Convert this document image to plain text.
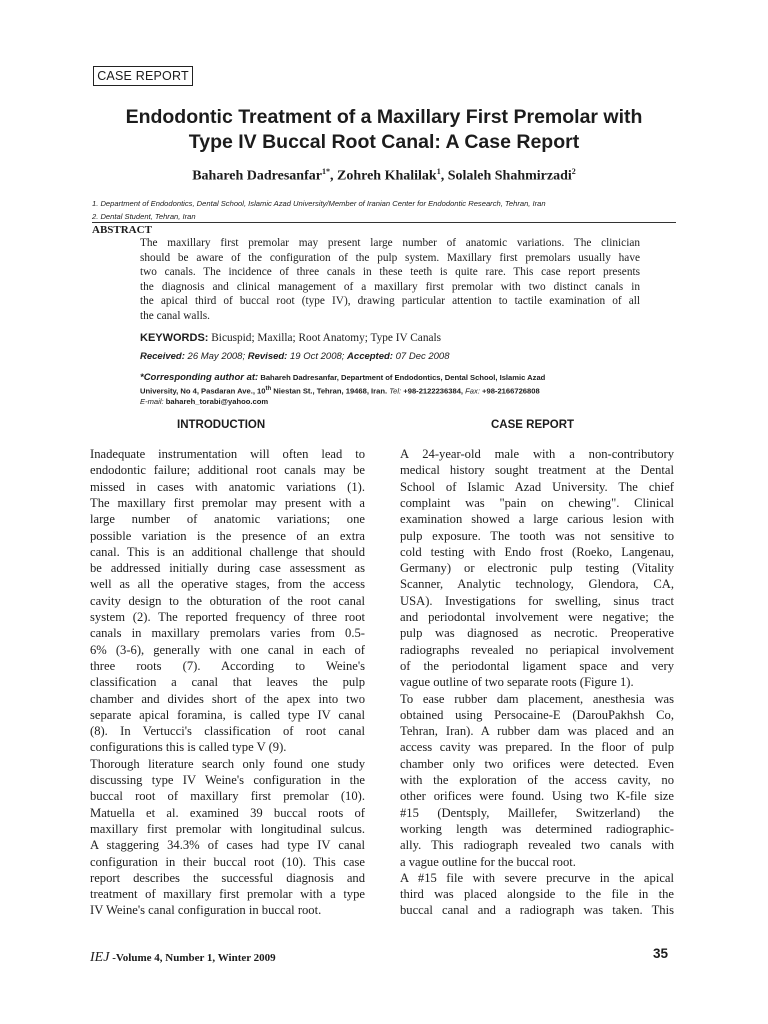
CASE REPORT
Endodontic Treatment of a Maxillary First Premolar with
Type IV Buccal Root Canal: A Case Report
Bahareh Dadresanfar$^{1*}$, Zohreh Khalilak$^1$, Solaleh Shahmirzadi$^2$
1. Department of Endodontics, Dental School, Islamic Azad University/Member of Iranian Center for Endodontic Research, Tehran, Iran
2. Dental Student, Tehran, Iran
ABSTRACT
The maxillary first premolar may present large number of anatomic variations. The clinician
should be aware of the configuration of the pulp system. Maxillary first premolars usually have
two canals. The incidence of three canals in these teeth is quite rare. This case report presents
the diagnosis and clinical management of a maxillary first premolar with two distinct canals in
the apical third of buccal root (type IV), drawing particular attention to tactile examination of all
the canal walls.
KEYWORDS: Bicuspid; Maxilla; Root Anatomy; Type IV Canals
Received: 26 May 2008; Revised: 19 Oct 2008; Accepted: 07 Dec 2008
*Corresponding author at: Bahareh Dadresanfar, Department of Endodontics, Dental School, Islamic Azad
University, No 4, Pasdaran Ave., 10th Niestan St., Tehran, 19468, Iran. Tel: +98-2122236384, Fax: +98-2166726808
E-mail: bahareh_torabi@yahoo.com
INTRODUCTION	CASE REPORT
Inadequate instrumentation will often lead to
endodontic failure; additional root canals may be
missed in cases with anatomic variations (1).
The maxillary first premolar may present with a
large number of anatomic variations; one
possible variation is the presence of an extra
canal. This is an additional challenge that should
be addressed initially during case assessment as
well as all the operative stages, from the access
cavity design to the obturation of the root canal
system (2). The reported frequency of three root
canals in maxillary premolars varies from 0.5-
6% (3-6), generally with one canal in each of
three roots (7). According to Weine's
classification a canal that leaves the pulp
chamber and divides short of the apex into two
separate apical foramina, is called type IV canal
(8). In Vertucci's classification of root canal
configurations this is called type V (9).
Thorough literature search only found one study
discussing type IV Weine's configuration in the
buccal root of maxillary first premolar (10).
Matuella et al. examined 39 buccal roots of
maxillary first premolar with longitudinal sulcus.
A staggering 34.3% of cases had type IV canal
configuration in their buccal root (10). This case
report describes the successful diagnosis and
treatment of maxillary first premolar with a type
IV Weine's canal configuration in buccal root.
A 24-year-old male with a non-contributory
medical history sought treatment at the Dental
School of Islamic Azad University. The chief
complaint was "pain on chewing". Clinical
examination showed a large carious lesion with
pulp exposure. The tooth was not sensitive to
cold testing with Endo frost (Roeko, Langenau,
Germany) or electronic pulp testing (Vitality
Scanner, Analytic technology, Glendora, CA,
USA). Investigations for swelling, sinus tract
and periodontal involvement were negative; the
pulp was diagnosed as necrotic. Preoperative
radiographs revealed no periapical involvement
of the periodontal ligament space and very
vague outline of two separate roots (Figure 1).
To ease rubber dam placement, anesthesia was
obtained using Persocaine-E (DarouPakhsh Co,
Tehran, Iran). A rubber dam was placed and an
access cavity was prepared. In the floor of pulp
chamber only two orifices were detected. Even
with the exploration of the access cavity, no
other orifices were found. Using two K-file size
#15 (Dentsply, Maillefer, Switzerland) the
working length was determined radiographic-
ally. This radiograph revealed two canals with
a vague outline for the buccal root.
A #15 file with severe precurve in the apical
third was placed alongside to the file in the
buccal canal and a radiograph was taken. This
IEJ -Volume 4, Number 1, Winter 2009	35
